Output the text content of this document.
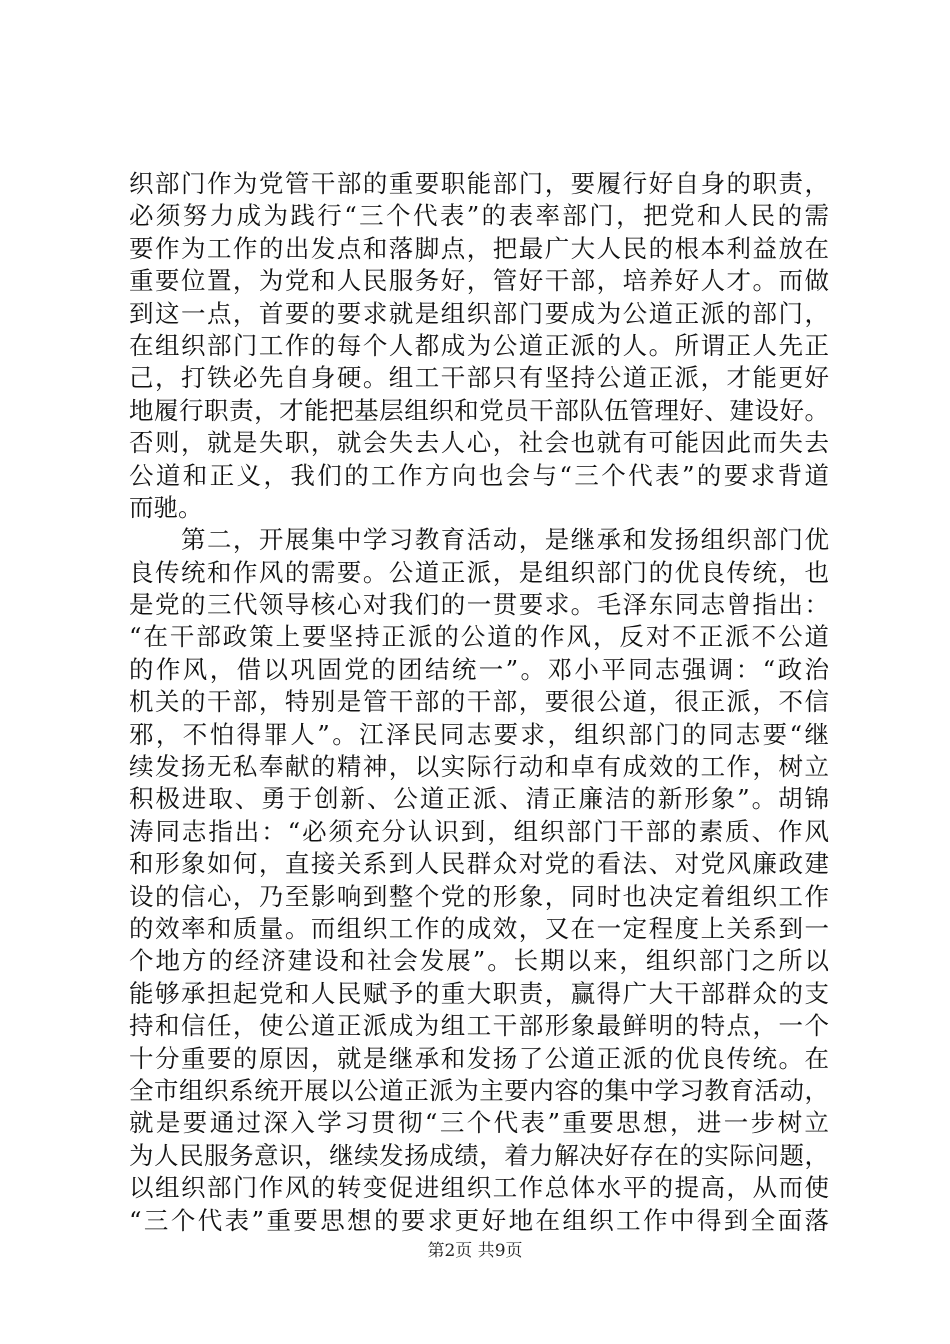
织部门作为党管干部的重要职能部门，要履行好自身的职责，
必须努力成为践行“三个代表”的表率部门，把党和人民的需
要作为工作的出发点和落脚点，把最广大人民的根本利益放在
重要位置，为党和人民服务好，管好干部，培养好人才。而做
到这一点，首要的要求就是组织部门要成为公道正派的部门，
在组织部门工作的每个人都成为公道正派的人。所谓正人先正
己，打铁必先自身硬。组工干部只有坚持公道正派，才能更好
地履行职责，才能把基层组织和党员干部队伍管理好、建设好。
否则，就是失职，就会失去人心，社会也就有可能因此而失去
公道和正义，我们的工作方向也会与“三个代表”的要求背道
而驰。
　　第二，开展集中学习教育活动，是继承和发扬组织部门优
良传统和作风的需要。公道正派，是组织部门的优良传统，也
是党的三代领导核心对我们的一贯要求。毛泽东同志曾指出：
“在干部政策上要坚持正派的公道的作风，反对不正派不公道
的作风，借以巩固党的团结统一”。邓小平同志强调：“政治
机关的干部，特别是管干部的干部，要很公道，很正派，不信
邪，不怕得罪人”。江泽民同志要求，组织部门的同志要“继
续发扬无私奉献的精神，以实际行动和卓有成效的工作，树立
积极进取、勇于创新、公道正派、清正廉洁的新形象”。胡锦
涛同志指出：“必须充分认识到，组织部门干部的素质、作风
和形象如何，直接关系到人民群众对党的看法、对党风廉政建
设的信心，乃至影响到整个党的形象，同时也决定着组织工作
的效率和质量。而组织工作的成效，又在一定程度上关系到一
个地方的经济建设和社会发展”。长期以来，组织部门之所以
能够承担起党和人民赋予的重大职责，赢得广大干部群众的支
持和信任，使公道正派成为组工干部形象最鲜明的特点，一个
十分重要的原因，就是继承和发扬了公道正派的优良传统。在
全市组织系统开展以公道正派为主要内容的集中学习教育活动，
就是要通过深入学习贯彻“三个代表”重要思想，进一步树立
为人民服务意识，继续发扬成绩，着力解决好存在的实际问题，
以组织部门作风的转变促进组织工作总体水平的提高，从而使
“三个代表”重要思想的要求更好地在组织工作中得到全面落
第2页 共9页
